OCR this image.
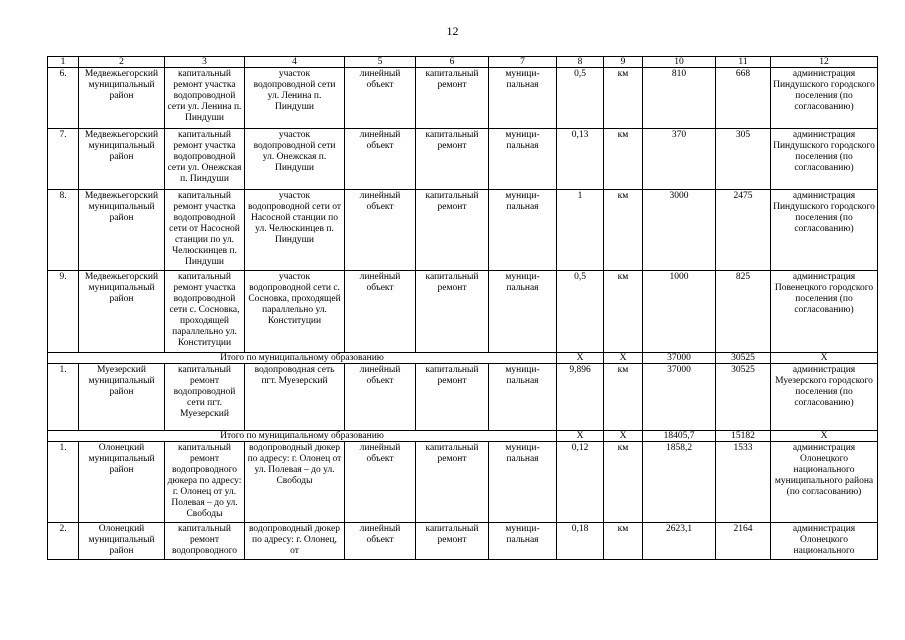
12
1	2	3	4	5	6	7	8	9	10	11	12
6.	Медвежьегорский муниципальный район	капитальный ремонт участка водопроводной сети ул. Ленина п. Пиндуши	участок водопроводной сети ул. Ленина п. Пиндуши	линейный объект	капитальный ремонт	муници-пальная	0,5	км	810	668	администрация Пиндушского городского поселения (по согласованию)
7.	Медвежьегорский муниципальный район	капитальный ремонт участка водопроводной сети ул. Онежская п. Пиндуши	участок водопроводной сети ул. Онежская п. Пиндуши	линейный объект	капитальный ремонт	муници-пальная	0,13	км	370	305	администрация Пиндушского городского поселения (по согласованию)
8.	Медвежьегорский муниципальный район	капитальный ремонт участка водопроводной сети от Насосной станции по ул. Челюскинцев п. Пиндуши	участок водопроводной сети от Насосной станции по ул. Челюскинцев п. Пиндуши	линейный объект	капитальный ремонт	муници-пальная	1	км	3000	2475	администрация Пиндушского городского поселения (по согласованию)
9.	Медвежьегорский муниципальный район	капитальный ремонт участка водопроводной сети с. Сосновка, проходящей параллельно ул. Конституции	участок водопроводной сети с. Сосновка, проходящей параллельно ул. Конституции	линейный объект	капитальный ремонт	муници-пальная	0,5	км	1000	825	администрация Повенецкого городского поселения (по согласованию)
Итого по муниципальному образованию							Х	Х	37000	30525	Х
1.	Муезерский муниципальный район	капитальный ремонт водопроводной сети пгт. Муезерский	водопроводная сеть пгт. Муезерский	линейный объект	капитальный ремонт	муници-пальная	9,896	км	37000	30525	администрация Муезерского городского поселения (по согласованию)
Итого по муниципальному образованию							Х	Х	18405,7	15182	Х
1.	Олонецкий муниципальный район	капитальный ремонт водопроводного дюкера по адресу: г. Олонец от ул. Полевая – до ул. Свободы	водопроводный дюкер по адресу: г. Олонец от ул. Полевая – до ул. Свободы	линейный объект	капитальный ремонт	муници-пальная	0,12	км	1858,2	1533	администрация Олонецкого национального муниципального района (по согласованию)
2.	Олонецкий муниципальный район	капитальный ремонт водопроводного	водопроводный дюкер по адресу: г. Олонец, от	линейный объект	капитальный ремонт	муници-пальная	0,18	км	2623,1	2164	администрация Олонецкого национального
